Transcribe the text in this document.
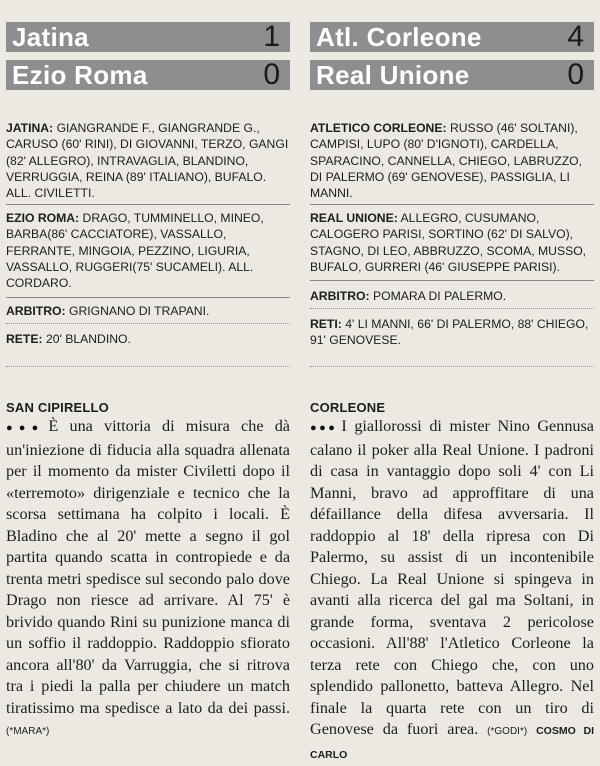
Jatina	1
Ezio Roma	0
JATINA: GIANGRANDE F., GIANGRANDE G., CARUSO (60' RINI), DI GIOVANNI, TERZO, GANGI (82' ALLEGRO), INTRAVAGLIA, BLANDINO, VERRUGGIA, REINA (89' ITALIANO), BUFALO. ALL. CIVILETTI.
EZIO ROMA: DRAGO, TUMMINELLO, MINEO, BARBA(86' CACCIATORE), VASSALLO, FERRANTE, MINGOIA, PEZZINO, LIGURIA, VASSALLO, RUGGERI(75' SUCAMELI). ALL. CORDARO.
ARBITRO: GRIGNANO DI TRAPANI.
RETE: 20' BLANDINO.
SAN CIPIRELLO
●●● È una vittoria di misura che dà un'iniezione di fiducia alla squadra allenata per il momento da mister Civiletti dopo il «terremoto» dirigenziale e tecnico che la scorsa settimana ha colpito i locali. È Bladino che al 20' mette a segno il gol partita quando scatta in contropiede e da trenta metri spedisce sul secondo palo dove Drago non riesce ad arrivare. Al 75' è brivido quando Rini su punizione manca di un soffio il raddoppio. Raddoppio sfiorato ancora all'80' da Varruggia, che si ritrova tra i piedi la palla per chiudere un match tiratissimo ma spedisce a lato da dei passi. (*MARA*)
Atl. Corleone	4
Real Unione	0
ATLETICO CORLEONE: RUSSO (46' SOLTANI), CAMPISI, LUPO (80' D'IGNOTI), CARDELLA, SPARACINO, CANNELLA, CHIEGO, LABRUZZO, DI PALERMO (69' GENOVESE), PASSIGLIA, LI MANNI.
REAL UNIONE: ALLEGRO, CUSUMANO, CALOGERO PARISI, SORTINO (62' DI SALVO), STAGNO, DI LEO, ABBRUZZO, SCOMA, MUSSO, BUFALO, GURRERI (46' GIUSEPPE PARISI).
ARBITRO: POMARA DI PALERMO.
RETI: 4' LI MANNI, 66' DI PALERMO, 88' CHIEGO, 91' GENOVESE.
CORLEONE
●●● I giallorossi di mister Nino Gennusa calano il poker alla Real Unione. I padroni di casa in vantaggio dopo soli 4' con Li Manni, bravo ad approffitare di una défaillance della difesa avversaria. Il raddoppio al 18' della ripresa con Di Palermo, su assist di un incontenibile Chiego. La Real Unione si spingeva in avanti alla ricerca del gal ma Soltani, in grande forma, sventava 2 pericolose occasioni. All'88' l'Atletico Corleone la terza rete con Chiego che, con uno splendido pallonetto, batteva Allegro. Nel finale la quarta rete con un tiro di Genovese da fuori area. (*GODI*) COSMO DI CARLO
